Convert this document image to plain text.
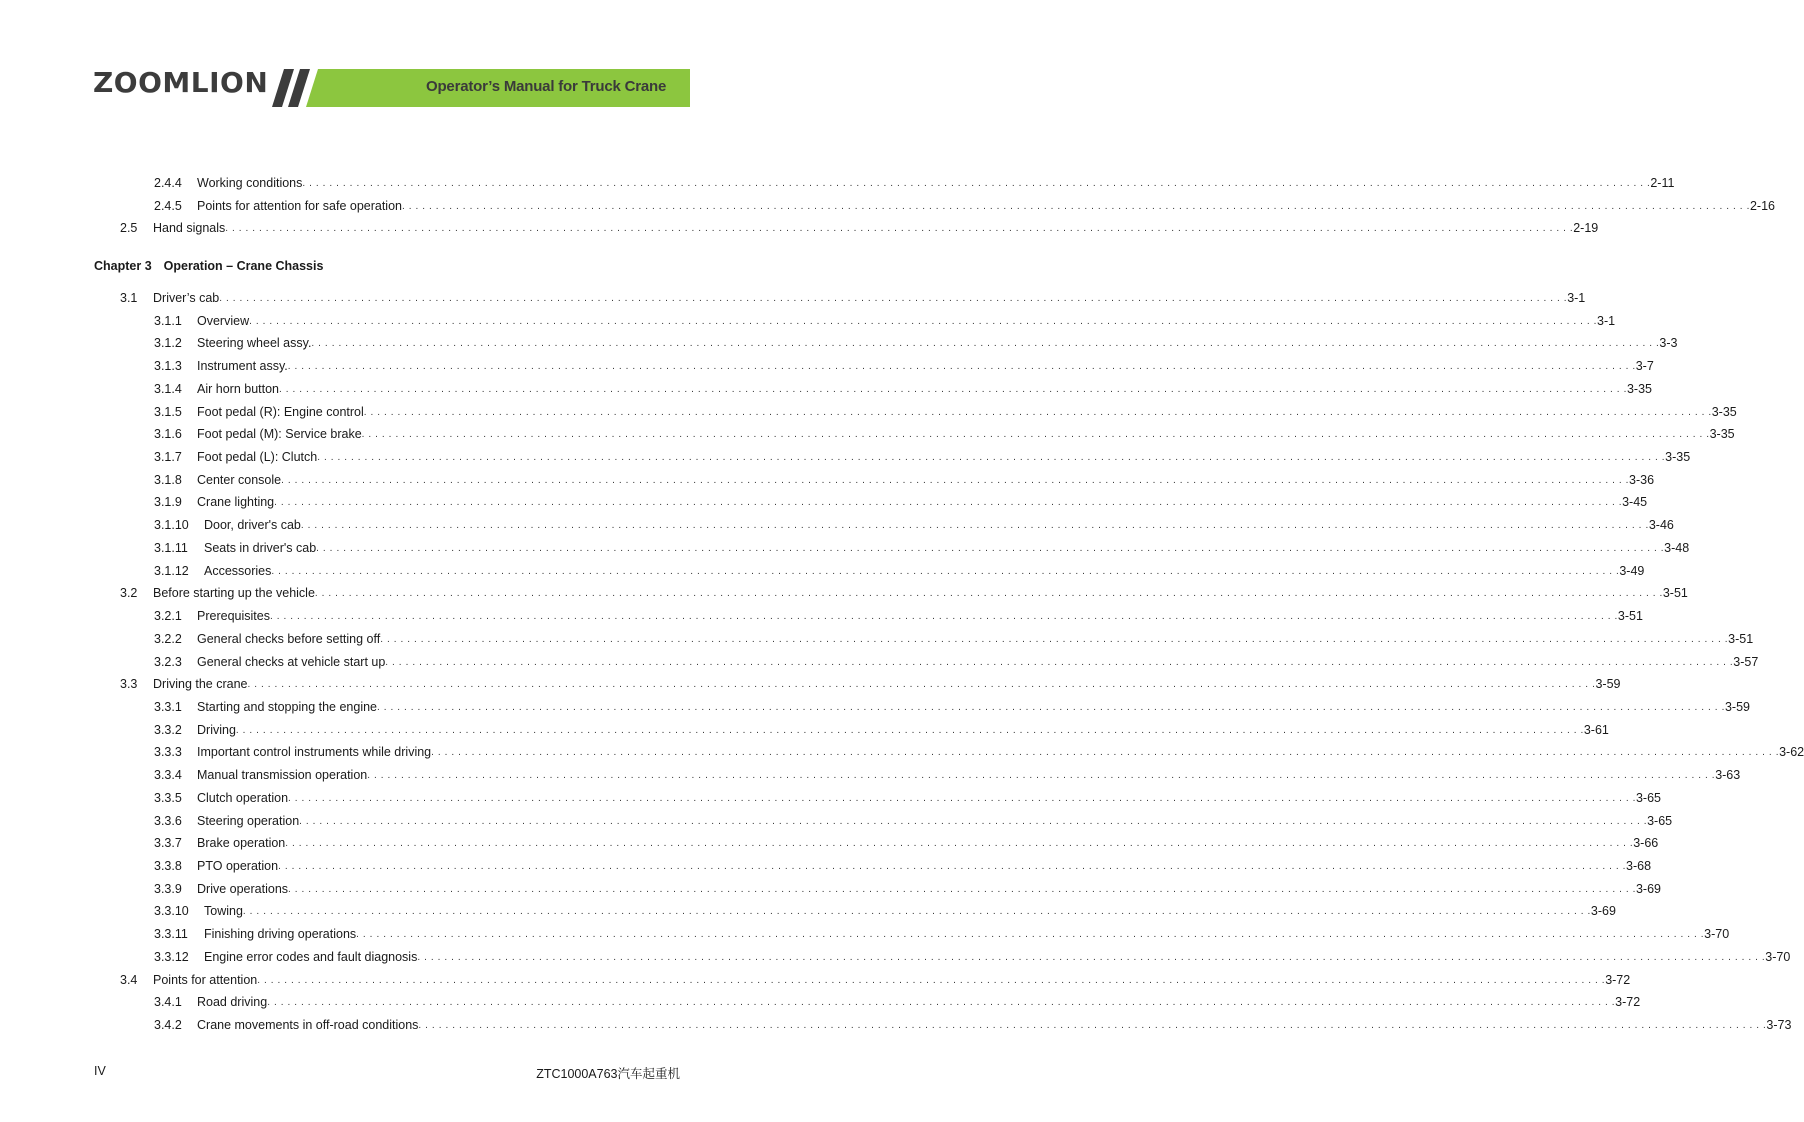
ZOOMLION	Operator’s Manual for Truck Crane
2.4.4	Working conditions . . . . . . . . . . . . . . . . . . . . . . . . . . . . . . . . . . . . . . . . . . . . . . . . . . . . . . . . . . . . . . . . . . . . . . . . . . . . . . . . . . . . . . . . . . . . . . . . . . . . . . . . . . . . . . . . . . . . . . . . . . . . . . . . . . . . . . . . . . . . . . . . . . . . . . . . . . . . . . . . . . . . . . . . . . . . . . . . . . . . . . . . . . . . . . . . . . . . . . . . 2-11
2.4.5	Points for attention for safe operation . . . . . . . . . . . . . . . . . . . . . . . . . . . . . . . . . . . . . . . . . . . . . . . . . . . . . . . . . . . . . . . . . . . . . . . . . . . . . . . . . . . . . . . . . . . . . . . . . . . . . . . . . . . . . . . . . . . . . . . . . . . . . . . . . . . . . . . . . . . . . . . . . . . . . . . . . . . . . . . . . . . . . . . . . . . . . . . . . . . . . . . . . . . . . . . . . . . . . . . . 2-16
2.5	Hand signals . . . . . . . . . . . . . . . . . . . . . . . . . . . . . . . . . . . . . . . . . . . . . . . . . . . . . . . . . . . . . . . . . . . . . . . . . . . . . . . . . . . . . . . . . . . . . . . . . . . . . . . . . . . . . . . . . . . . . . . . . . . . . . . . . . . . . . . . . . . . . . . . . . . . . . . . . . . . . . . . . . . . . . . . . . . . . . . . . . . . . . . . . . . . . . . . . . . . . . . . 2-19
3.1	Driver’s cab . . . . . . . . . . . . . . . . . . . . . . . . . . . . . . . . . . . . . . . . . . . . . . . . . . . . . . . . . . . . . . . . . . . . . . . . . . . . . . . . . . . . . . . . . . . . . . . . . . . . . . . . . . . . . . . . . . . . . . . . . . . . . . . . . . . . . . . . . . . . . . . . . . . . . . . . . . . . . . . . . . . . . . . . . . . . . . . . . . . . . . . . . . . . . . . . . . . . . . . . 3-1
3.1.1	Overview . . . . . . . . . . . . . . . . . . . . . . . . . . . . . . . . . . . . . . . . . . . . . . . . . . . . . . . . . . . . . . . . . . . . . . . . . . . . . . . . . . . . . . . . . . . . . . . . . . . . . . . . . . . . . . . . . . . . . . . . . . . . . . . . . . . . . . . . . . . . . . . . . . . . . . . . . . . . . . . . . . . . . . . . . . . . . . . . . . . . . . . . . . . . . . . . . . . . . . . . 3-1
3.1.2	Steering wheel assy. . . . . . . . . . . . . . . . . . . . . . . . . . . . . . . . . . . . . . . . . . . . . . . . . . . . . . . . . . . . . . . . . . . . . . . . . . . . . . . . . . . . . . . . . . . . . . . . . . . . . . . . . . . . . . . . . . . . . . . . . . . . . . . . . . . . . . . . . . . . . . . . . . . . . . . . . . . . . . . . . . . . . . . . . . . . . . . . . . . . . . . . . . . . . . . . . . . . . . . . . 3-3
3.1.3	Instrument assy. . . . . . . . . . . . . . . . . . . . . . . . . . . . . . . . . . . . . . . . . . . . . . . . . . . . . . . . . . . . . . . . . . . . . . . . . . . . . . . . . . . . . . . . . . . . . . . . . . . . . . . . . . . . . . . . . . . . . . . . . . . . . . . . . . . . . . . . . . . . . . . . . . . . . . . . . . . . . . . . . . . . . . . . . . . . . . . . . . . . . . . . . . . . . . . . . . . . . . . . . 3-7
3.1.4	Air horn button . . . . . . . . . . . . . . . . . . . . . . . . . . . . . . . . . . . . . . . . . . . . . . . . . . . . . . . . . . . . . . . . . . . . . . . . . . . . . . . . . . . . . . . . . . . . . . . . . . . . . . . . . . . . . . . . . . . . . . . . . . . . . . . . . . . . . . . . . . . . . . . . . . . . . . . . . . . . . . . . . . . . . . . . . . . . . . . . . . . . . . . . . . . . . . . . . . . . . . . . 3-35
3.1.5	Foot pedal (R): Engine control . . . . . . . . . . . . . . . . . . . . . . . . . . . . . . . . . . . . . . . . . . . . . . . . . . . . . . . . . . . . . . . . . . . . . . . . . . . . . . . . . . . . . . . . . . . . . . . . . . . . . . . . . . . . . . . . . . . . . . . . . . . . . . . . . . . . . . . . . . . . . . . . . . . . . . . . . . . . . . . . . . . . . . . . . . . . . . . . . . . . . . . . . . . . . . . . . . . . . . . . 3-35
3.1.6	Foot pedal (M): Service brake . . . . . . . . . . . . . . . . . . . . . . . . . . . . . . . . . . . . . . . . . . . . . . . . . . . . . . . . . . . . . . . . . . . . . . . . . . . . . . . . . . . . . . . . . . . . . . . . . . . . . . . . . . . . . . . . . . . . . . . . . . . . . . . . . . . . . . . . . . . . . . . . . . . . . . . . . . . . . . . . . . . . . . . . . . . . . . . . . . . . . . . . . . . . . . . . . . . . . . . . 3-35
3.1.7	Foot pedal (L): Clutch . . . . . . . . . . . . . . . . . . . . . . . . . . . . . . . . . . . . . . . . . . . . . . . . . . . . . . . . . . . . . . . . . . . . . . . . . . . . . . . . . . . . . . . . . . . . . . . . . . . . . . . . . . . . . . . . . . . . . . . . . . . . . . . . . . . . . . . . . . . . . . . . . . . . . . . . . . . . . . . . . . . . . . . . . . . . . . . . . . . . . . . . . . . . . . . . . . . . . . . . 3-35
3.1.8	Center console . . . . . . . . . . . . . . . . . . . . . . . . . . . . . . . . . . . . . . . . . . . . . . . . . . . . . . . . . . . . . . . . . . . . . . . . . . . . . . . . . . . . . . . . . . . . . . . . . . . . . . . . . . . . . . . . . . . . . . . . . . . . . . . . . . . . . . . . . . . . . . . . . . . . . . . . . . . . . . . . . . . . . . . . . . . . . . . . . . . . . . . . . . . . . . . . . . . . . . . . 3-36
3.1.9	Crane lighting . . . . . . . . . . . . . . . . . . . . . . . . . . . . . . . . . . . . . . . . . . . . . . . . . . . . . . . . . . . . . . . . . . . . . . . . . . . . . . . . . . . . . . . . . . . . . . . . . . . . . . . . . . . . . . . . . . . . . . . . . . . . . . . . . . . . . . . . . . . . . . . . . . . . . . . . . . . . . . . . . . . . . . . . . . . . . . . . . . . . . . . . . . . . . . . . . . . . . . . . 3-45
3.1.10	Door, driver's cab . . . . . . . . . . . . . . . . . . . . . . . . . . . . . . . . . . . . . . . . . . . . . . . . . . . . . . . . . . . . . . . . . . . . . . . . . . . . . . . . . . . . . . . . . . . . . . . . . . . . . . . . . . . . . . . . . . . . . . . . . . . . . . . . . . . . . . . . . . . . . . . . . . . . . . . . . . . . . . . . . . . . . . . . . . . . . . . . . . . . . . . . . . . . . . . . . . . . . . . . 3-46
3.1.11	Seats in driver's cab . . . . . . . . . . . . . . . . . . . . . . . . . . . . . . . . . . . . . . . . . . . . . . . . . . . . . . . . . . . . . . . . . . . . . . . . . . . . . . . . . . . . . . . . . . . . . . . . . . . . . . . . . . . . . . . . . . . . . . . . . . . . . . . . . . . . . . . . . . . . . . . . . . . . . . . . . . . . . . . . . . . . . . . . . . . . . . . . . . . . . . . . . . . . . . . . . . . . . . . . 3-48
3.1.12	Accessories . . . . . . . . . . . . . . . . . . . . . . . . . . . . . . . . . . . . . . . . . . . . . . . . . . . . . . . . . . . . . . . . . . . . . . . . . . . . . . . . . . . . . . . . . . . . . . . . . . . . . . . . . . . . . . . . . . . . . . . . . . . . . . . . . . . . . . . . . . . . . . . . . . . . . . . . . . . . . . . . . . . . . . . . . . . . . . . . . . . . . . . . . . . . . . . . . . . . . . . . 3-49
3.2	Before starting up the vehicle . . . . . . . . . . . . . . . . . . . . . . . . . . . . . . . . . . . . . . . . . . . . . . . . . . . . . . . . . . . . . . . . . . . . . . . . . . . . . . . . . . . . . . . . . . . . . . . . . . . . . . . . . . . . . . . . . . . . . . . . . . . . . . . . . . . . . . . . . . . . . . . . . . . . . . . . . . . . . . . . . . . . . . . . . . . . . . . . . . . . . . . . . . . . . . . . . . . . . . . . 3-51
3.2.1	Prerequisites . . . . . . . . . . . . . . . . . . . . . . . . . . . . . . . . . . . . . . . . . . . . . . . . . . . . . . . . . . . . . . . . . . . . . . . . . . . . . . . . . . . . . . . . . . . . . . . . . . . . . . . . . . . . . . . . . . . . . . . . . . . . . . . . . . . . . . . . . . . . . . . . . . . . . . . . . . . . . . . . . . . . . . . . . . . . . . . . . . . . . . . . . . . . . . . . . . . . . . . . 3-51
3.2.2	General checks before setting off . . . . . . . . . . . . . . . . . . . . . . . . . . . . . . . . . . . . . . . . . . . . . . . . . . . . . . . . . . . . . . . . . . . . . . . . . . . . . . . . . . . . . . . . . . . . . . . . . . . . . . . . . . . . . . . . . . . . . . . . . . . . . . . . . . . . . . . . . . . . . . . . . . . . . . . . . . . . . . . . . . . . . . . . . . . . . . . . . . . . . . . . . . . . . . . . . . . . . . . . 3-51
3.2.3	General checks at vehicle start up . . . . . . . . . . . . . . . . . . . . . . . . . . . . . . . . . . . . . . . . . . . . . . . . . . . . . . . . . . . . . . . . . . . . . . . . . . . . . . . . . . . . . . . . . . . . . . . . . . . . . . . . . . . . . . . . . . . . . . . . . . . . . . . . . . . . . . . . . . . . . . . . . . . . . . . . . . . . . . . . . . . . . . . . . . . . . . . . . . . . . . . . . . . . . . . . . . . . . . . . 3-57
3.3	Driving the crane . . . . . . . . . . . . . . . . . . . . . . . . . . . . . . . . . . . . . . . . . . . . . . . . . . . . . . . . . . . . . . . . . . . . . . . . . . . . . . . . . . . . . . . . . . . . . . . . . . . . . . . . . . . . . . . . . . . . . . . . . . . . . . . . . . . . . . . . . . . . . . . . . . . . . . . . . . . . . . . . . . . . . . . . . . . . . . . . . . . . . . . . . . . . . . . . . . . . . . . . 3-59
3.3.1	Starting and stopping the engine . . . . . . . . . . . . . . . . . . . . . . . . . . . . . . . . . . . . . . . . . . . . . . . . . . . . . . . . . . . . . . . . . . . . . . . . . . . . . . . . . . . . . . . . . . . . . . . . . . . . . . . . . . . . . . . . . . . . . . . . . . . . . . . . . . . . . . . . . . . . . . . . . . . . . . . . . . . . . . . . . . . . . . . . . . . . . . . . . . . . . . . . . . . . . . . . . . . . . . . . 3-59
3.3.2	Driving . . . . . . . . . . . . . . . . . . . . . . . . . . . . . . . . . . . . . . . . . . . . . . . . . . . . . . . . . . . . . . . . . . . . . . . . . . . . . . . . . . . . . . . . . . . . . . . . . . . . . . . . . . . . . . . . . . . . . . . . . . . . . . . . . . . . . . . . . . . . . . . . . . . . . . . . . . . . . . . . . . . . . . . . . . . . . . . . . . . . . . . . . . . . . . . . . . . . . . . . 3-61
3.3.3	Important control instruments while driving . . . . . . . . . . . . . . . . . . . . . . . . . . . . . . . . . . . . . . . . . . . . . . . . . . . . . . . . . . . . . . . . . . . . . . . . . . . . . . . . . . . . . . . . . . . . . . . . . . . . . . . . . . . . . . . . . . . . . . . . . . . . . . . . . . . . . . . . . . . . . . . . . . . . . . . . . . . . . . . . . . . . . . . . . . . . . . . . . . . . . . . . . . . . . . . . . . . . . . . . 3-62
3.3.4	Manual transmission operation . . . . . . . . . . . . . . . . . . . . . . . . . . . . . . . . . . . . . . . . . . . . . . . . . . . . . . . . . . . . . . . . . . . . . . . . . . . . . . . . . . . . . . . . . . . . . . . . . . . . . . . . . . . . . . . . . . . . . . . . . . . . . . . . . . . . . . . . . . . . . . . . . . . . . . . . . . . . . . . . . . . . . . . . . . . . . . . . . . . . . . . . . . . . . . . . . . . . . . . . 3-63
3.3.5	Clutch operation . . . . . . . . . . . . . . . . . . . . . . . . . . . . . . . . . . . . . . . . . . . . . . . . . . . . . . . . . . . . . . . . . . . . . . . . . . . . . . . . . . . . . . . . . . . . . . . . . . . . . . . . . . . . . . . . . . . . . . . . . . . . . . . . . . . . . . . . . . . . . . . . . . . . . . . . . . . . . . . . . . . . . . . . . . . . . . . . . . . . . . . . . . . . . . . . . . . . . . . . 3-65
3.3.6	Steering operation . . . . . . . . . . . . . . . . . . . . . . . . . . . . . . . . . . . . . . . . . . . . . . . . . . . . . . . . . . . . . . . . . . . . . . . . . . . . . . . . . . . . . . . . . . . . . . . . . . . . . . . . . . . . . . . . . . . . . . . . . . . . . . . . . . . . . . . . . . . . . . . . . . . . . . . . . . . . . . . . . . . . . . . . . . . . . . . . . . . . . . . . . . . . . . . . . . . . . . . . 3-65
3.3.7	Brake operation . . . . . . . . . . . . . . . . . . . . . . . . . . . . . . . . . . . . . . . . . . . . . . . . . . . . . . . . . . . . . . . . . . . . . . . . . . . . . . . . . . . . . . . . . . . . . . . . . . . . . . . . . . . . . . . . . . . . . . . . . . . . . . . . . . . . . . . . . . . . . . . . . . . . . . . . . . . . . . . . . . . . . . . . . . . . . . . . . . . . . . . . . . . . . . . . . . . . . . . . 3-66
3.3.8	PTO operation . . . . . . . . . . . . . . . . . . . . . . . . . . . . . . . . . . . . . . . . . . . . . . . . . . . . . . . . . . . . . . . . . . . . . . . . . . . . . . . . . . . . . . . . . . . . . . . . . . . . . . . . . . . . . . . . . . . . . . . . . . . . . . . . . . . . . . . . . . . . . . . . . . . . . . . . . . . . . . . . . . . . . . . . . . . . . . . . . . . . . . . . . . . . . . . . . . . . . . . . 3-68
3.3.9	Drive operations . . . . . . . . . . . . . . . . . . . . . . . . . . . . . . . . . . . . . . . . . . . . . . . . . . . . . . . . . . . . . . . . . . . . . . . . . . . . . . . . . . . . . . . . . . . . . . . . . . . . . . . . . . . . . . . . . . . . . . . . . . . . . . . . . . . . . . . . . . . . . . . . . . . . . . . . . . . . . . . . . . . . . . . . . . . . . . . . . . . . . . . . . . . . . . . . . . . . . . . . 3-69
3.3.10	Towing . . . . . . . . . . . . . . . . . . . . . . . . . . . . . . . . . . . . . . . . . . . . . . . . . . . . . . . . . . . . . . . . . . . . . . . . . . . . . . . . . . . . . . . . . . . . . . . . . . . . . . . . . . . . . . . . . . . . . . . . . . . . . . . . . . . . . . . . . . . . . . . . . . . . . . . . . . . . . . . . . . . . . . . . . . . . . . . . . . . . . . . . . . . . . . . . . . . . . . . . 3-69
3.3.11	Finishing driving operations . . . . . . . . . . . . . . . . . . . . . . . . . . . . . . . . . . . . . . . . . . . . . . . . . . . . . . . . . . . . . . . . . . . . . . . . . . . . . . . . . . . . . . . . . . . . . . . . . . . . . . . . . . . . . . . . . . . . . . . . . . . . . . . . . . . . . . . . . . . . . . . . . . . . . . . . . . . . . . . . . . . . . . . . . . . . . . . . . . . . . . . . . . . . . . . . . . . . . . . . 3-70
3.3.12	Engine error codes and fault diagnosis . . . . . . . . . . . . . . . . . . . . . . . . . . . . . . . . . . . . . . . . . . . . . . . . . . . . . . . . . . . . . . . . . . . . . . . . . . . . . . . . . . . . . . . . . . . . . . . . . . . . . . . . . . . . . . . . . . . . . . . . . . . . . . . . . . . . . . . . . . . . . . . . . . . . . . . . . . . . . . . . . . . . . . . . . . . . . . . . . . . . . . . . . . . . . . . . . . . . . . . . 3-70
3.4	Points for attention . . . . . . . . . . . . . . . . . . . . . . . . . . . . . . . . . . . . . . . . . . . . . . . . . . . . . . . . . . . . . . . . . . . . . . . . . . . . . . . . . . . . . . . . . . . . . . . . . . . . . . . . . . . . . . . . . . . . . . . . . . . . . . . . . . . . . . . . . . . . . . . . . . . . . . . . . . . . . . . . . . . . . . . . . . . . . . . . . . . . . . . . . . . . . . . . . . . . . . . . 3-72
3.4.1	Road driving . . . . . . . . . . . . . . . . . . . . . . . . . . . . . . . . . . . . . . . . . . . . . . . . . . . . . . . . . . . . . . . . . . . . . . . . . . . . . . . . . . . . . . . . . . . . . . . . . . . . . . . . . . . . . . . . . . . . . . . . . . . . . . . . . . . . . . . . . . . . . . . . . . . . . . . . . . . . . . . . . . . . . . . . . . . . . . . . . . . . . . . . . . . . . . . . . . . . . . . . 3-72
3.4.2	Crane movements in off-road conditions . . . . . . . . . . . . . . . . . . . . . . . . . . . . . . . . . . . . . . . . . . . . . . . . . . . . . . . . . . . . . . . . . . . . . . . . . . . . . . . . . . . . . . . . . . . . . . . . . . . . . . . . . . . . . . . . . . . . . . . . . . . . . . . . . . . . . . . . . . . . . . . . . . . . . . . . . . . . . . . . . . . . . . . . . . . . . . . . . . . . . . . . . . . . . . . . . . . . . . . . 3-73
Chapter 3 Operation – Crane Chassis
IV	ZTC1000A763汽车起重机
